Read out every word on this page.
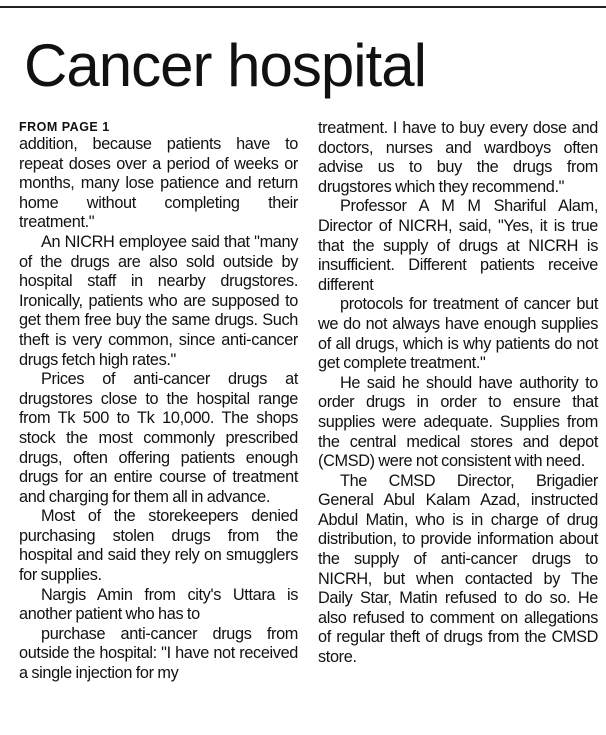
Cancer hospital
FROM PAGE 1
addition, because patients have to repeat doses over a period of weeks or months, many lose patience and return home without completing their treatment."
An NICRH employee said that "many of the drugs are also sold outside by hospital staff in nearby drugstores. Ironically, patients who are supposed to get them free buy the same drugs. Such theft is very common, since anti-cancer drugs fetch high rates."
Prices of anti-cancer drugs at drugstores close to the hospital range from Tk 500 to Tk 10,000. The shops stock the most commonly prescribed drugs, often offering patients enough drugs for an entire course of treatment and charging for them all in advance.
Most of the storekeepers denied purchasing stolen drugs from the hospital and said they rely on smugglers for supplies.
Nargis Amin from city's Uttara is another patient who has to
purchase anti-cancer drugs from outside the hospital: "I have not received a single injection for my
treatment. I have to buy every dose and doctors, nurses and wardboys often advise us to buy the drugs from drugstores which they recommend."
Professor A M M Shariful Alam, Director of NICRH, said, "Yes, it is true that the supply of drugs at NICRH is insufficient. Different patients receive different
protocols for treatment of cancer but we do not always have enough supplies of all drugs, which is why patients do not get complete treatment."
He said he should have authority to order drugs in order to ensure that supplies were adequate. Supplies from the central medical stores and depot (CMSD) were not consistent with need.
The CMSD Director, Brigadier General Abul Kalam Azad, instructed Abdul Matin, who is in charge of drug distribution, to provide information about the supply of anti-cancer drugs to NICRH, but when contacted by The Daily Star, Matin refused to do so. He also refused to comment on allegations of regular theft of drugs from the CMSD store.
